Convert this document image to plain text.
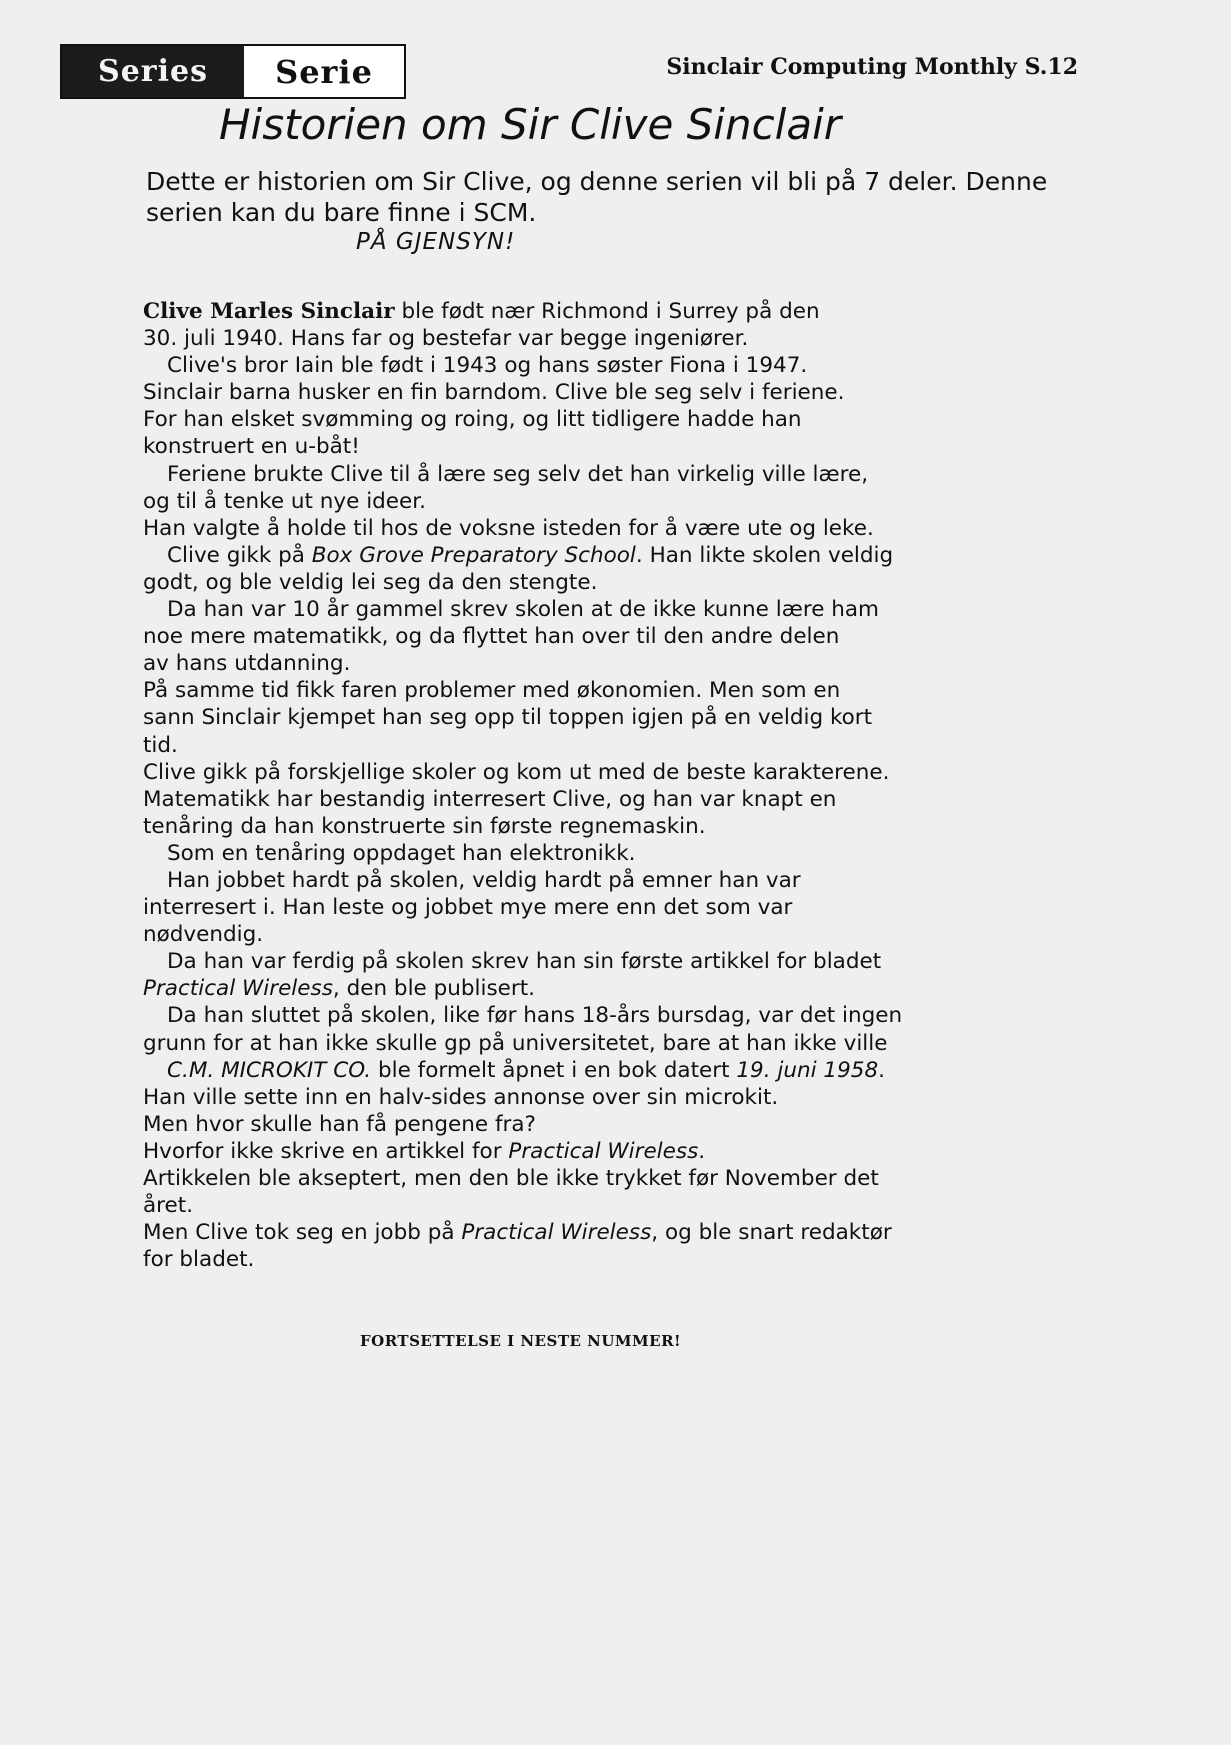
Series	Serie	Sinclair Computing Monthly S.12
Historien om Sir Clive Sinclair
Dette er historien om Sir Clive, og denne serien vil bli på 7 deler. Denne serien kan du bare finne i SCM.
PÅ GJENSYN!
Clive Marles Sinclair ble født nær Richmond i Surrey på den
30. juli 1940. Hans far og bestefar var begge ingeniører.
Clive's bror Iain ble født i 1943 og hans søster Fiona i 1947.
Sinclair barna husker en fin barndom. Clive ble seg selv i feriene.
For han elsket svømming og roing, og litt tidligere hadde han
konstruert en u-båt!
Feriene brukte Clive til å lære seg selv det han virkelig ville lære,
og til å tenke ut nye ideer.
Han valgte å holde til hos de voksne isteden for å være ute og leke.
Clive gikk på Box Grove Preparatory School. Han likte skolen veldig
godt, og ble veldig lei seg da den stengte.
Da han var 10 år gammel skrev skolen at de ikke kunne lære ham
noe mere matematikk, og da flyttet han over til den andre delen
av hans utdanning.
På samme tid fikk faren problemer med økonomien. Men som en
sann Sinclair kjempet han seg opp til toppen igjen på en veldig kort
tid.
Clive gikk på forskjellige skoler og kom ut med de beste karakterene.
Matematikk har bestandig interresert Clive, og han var knapt en
tenåring da han konstruerte sin første regnemaskin.
Som en tenåring oppdaget han elektronikk.
Han jobbet hardt på skolen, veldig hardt på emner han var
interresert i. Han leste og jobbet mye mere enn det som var
nødvendig.
Da han var ferdig på skolen skrev han sin første artikkel for bladet
Practical Wireless, den ble publisert.
Da han sluttet på skolen, like før hans 18-års bursdag, var det ingen
grunn for at han ikke skulle gp på universitetet, bare at han ikke ville
C.M. MICROKIT CO. ble formelt åpnet i en bok datert 19. juni 1958.
Han ville sette inn en halv-sides annonse over sin microkit.
Men hvor skulle han få pengene fra?
Hvorfor ikke skrive en artikkel for Practical Wireless.
Artikkelen ble akseptert, men den ble ikke trykket før November det
året.
Men Clive tok seg en jobb på Practical Wireless, og ble snart redaktør
for bladet.
FORTSETTELSE I NESTE NUMMER!
